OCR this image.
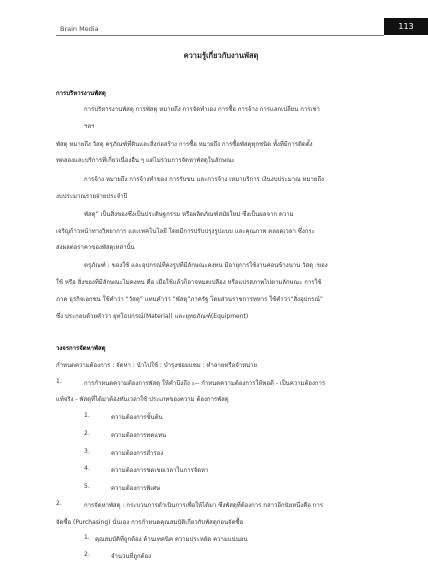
Brain Media	113
ความรู้เกี่ยวกับงานพัสดุ
การบริหารงานพัสดุ
การบริหารงานพัสดุ การพัสดุ หมายถึง การจัดทำเอง การซื้อ การจ้าง การแลกเปลี่ยน การเช่า
ฯลฯ
พัสดุ หมายถึง วัสดุ ครุภัณฑ์ที่ดินและสิ่งก่อสร้าง การซื้อ หมายถึง การซื้อพัสดุทุกชนิด ทั้งที่มีการติดตั้ง
ทดลองและบริการที่เกี่ยวเนื่องอื่น ๆ แต่ไม่รวมการจัดหาพัสดุในลักษณะ
การจ้าง หมายถึง การจ้างทำของ การรับขน และการจ้าง เหมาบริการ เงินงบประมาณ หมายถึง
งบประมาณรายจ่ายประจำปี
พัสดุ” เป็นสิ่งของซึ่งเป็นประดิษฐกรรม หรือผลิตภัณฑ์สมัยใหม่ ซึ่งเป็นผลจาก ความ
เจริญก้าวหน้าทางวิทยาการ และเทคโนโลยี โดยมีการปรับปรุงรูปแบบ และคุณภาพ ตลอดเวลา ซึ่งกระ
ส่งผลต่อราคาของพัสดุเหล่านั้น
ครุภัณฑ์ : ของใช้ และอุปกรณ์ที่คงรูปที่มีลักษณะคงทน มีอายุการใช้งานค่อนข้างนาน วัสดุ :ของ
ใช้ หรือ สิ่งของที่มีลักษณะไม่คงทน คือ เมื่อใช้แล้วก็อาจหมดเปลือง หรือแปรสภาพไปตามลักษณะ การใช้
ภาค ธุรกิจเอกชน ใช้คำว่า “วัสดุ” แทนคำว่า “พัสดุ”ภาครัฐ โดยส่วนราชการทหาร ใช้คำว่า“สิ่งอุปกรณ์”
ซึ่ง ประกอบด้วยคำว่า ยุทโธปกรณ์(Material) และยุทธภัณฑ์(Equipment)
วงจรการจัดหาพัสดุ
กำหนดความต้องการ : จัดหา : นำไปใช้ : บำรุงซ่อมแซม : ทำลายหรือจำหน่าย
1.	การกำหนดความต้องการพัสดุ ให้คำนึงถึง ะ-- กำหนดความต้องการให้พอดี - เป็นความต้องการ
แท้จริง - พัสดุที่ได้มาต้องทันเวลาใช้ ประเภทของความ ต้องการพัสดุ
1.	ความต้องการขั้นต้น
2.	ความต้องการทดแทน
3.	ความต้องการสำรอง
4.	ความต้องการชดเชยเวลาในการจัดหา
5.	ความต้องการพิเศษ
2.	การจัดหาพัสดุ : กระบวนการดำเนินการเพื่อให้ได้มา ซึ่งพัสดุที่ต้องการ กล่าวอีกนัยหนึ่งคือ การ
จัดซื้อ (Purchasing) นั่นเอง การกำหนดคุณสมบัติเกี่ยวกับพัสดุก่อนจัดซื้อ
1. คุณสมบัติที่ถูกต้อง ด้านเทคนิค ความประหยัด ความแน่นอน
2.	จำนวนที่ถูกต้อง
